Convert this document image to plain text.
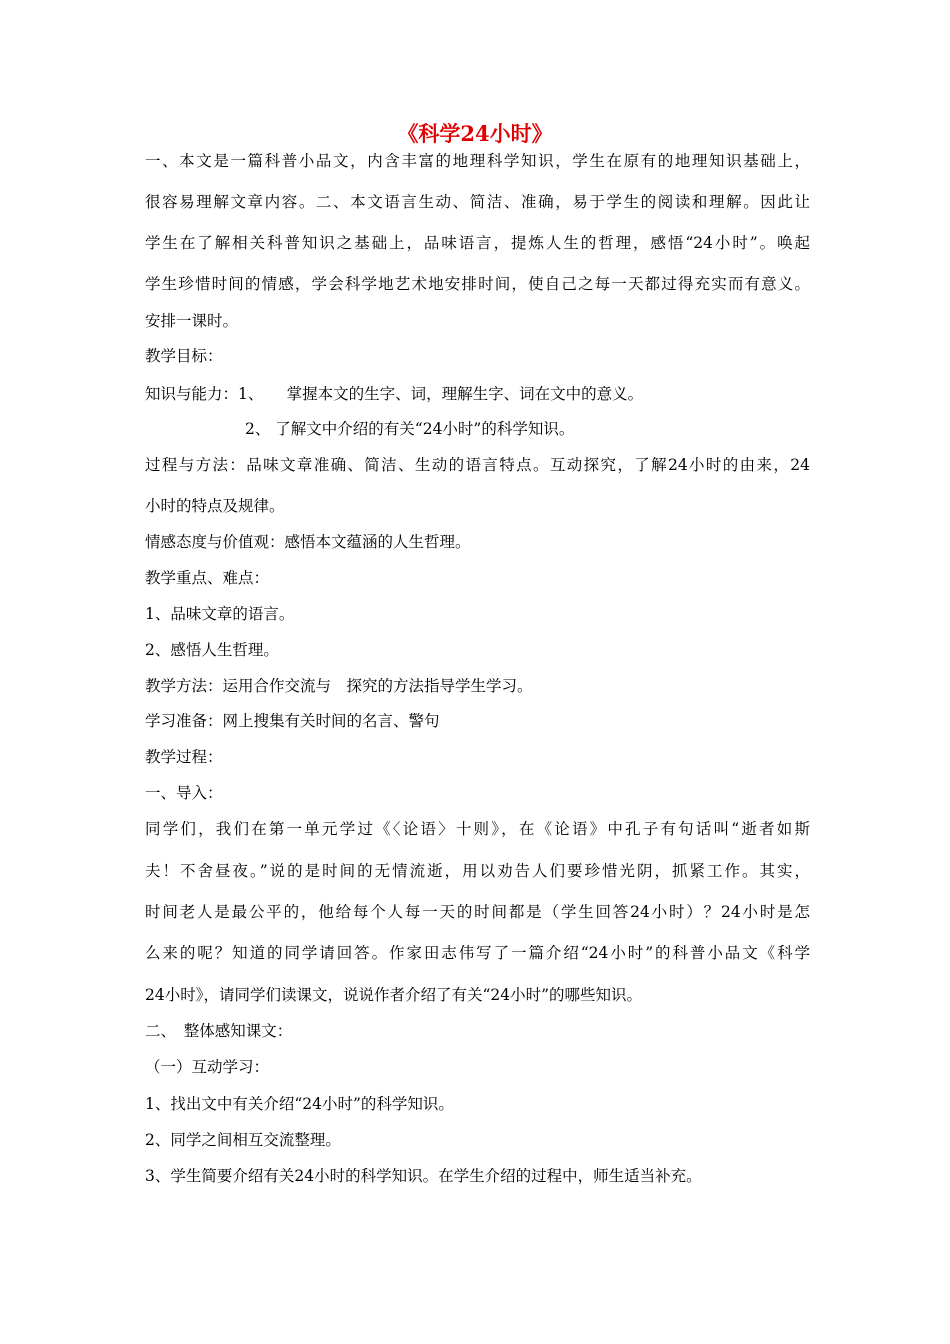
《科学24小时》
一、本文是一篇科普小品文，内含丰富的地理科学知识，学生在原有的地理知识基础上，
很容易理解文章内容。二、本文语言生动、简洁、准确，易于学生的阅读和理解。因此让
学生在了解相关科普知识之基础上，品味语言，提炼人生的哲理，感悟“24小时”。唤起
学生珍惜时间的情感，学会科学地艺术地安排时间，使自己之每一天都过得充实而有意义。
安排一课时。
教学目标：
知识与能力：1、　　掌握本文的生字、词，理解生字、词在文中的意义。
2、 了解文中介绍的有关“24小时”的科学知识。
过程与方法：品味文章准确、简洁、生动的语言特点。互动探究，了解24小时的由来，24
小时的特点及规律。
情感态度与价值观：感悟本文蕴涵的人生哲理。
教学重点、难点：
1、品味文章的语言。
2、感悟人生哲理。
教学方法：运用合作交流与　探究的方法指导学生学习。
学习准备：网上搜集有关时间的名言、警句
教学过程：
一、导入：
同学们，我们在第一单元学过《〈论语〉十则》，在《论语》中孔子有句话叫“逝者如斯
夫！不舍昼夜。”说的是时间的无情流逝，用以劝告人们要珍惜光阴，抓紧工作。其实，
时间老人是最公平的，他给每个人每一天的时间都是（学生回答24小时）？24小时是怎
么来的呢？知道的同学请回答。作家田志伟写了一篇介绍“24小时”的科普小品文《科学
24小时》，请同学们读课文，说说作者介绍了有关“24小时”的哪些知识。
二、　整体感知课文：
（一）互动学习：
1、找出文中有关介绍“24小时”的科学知识。
2、同学之间相互交流整理。
3、学生简要介绍有关24小时的科学知识。在学生介绍的过程中，师生适当补充。
